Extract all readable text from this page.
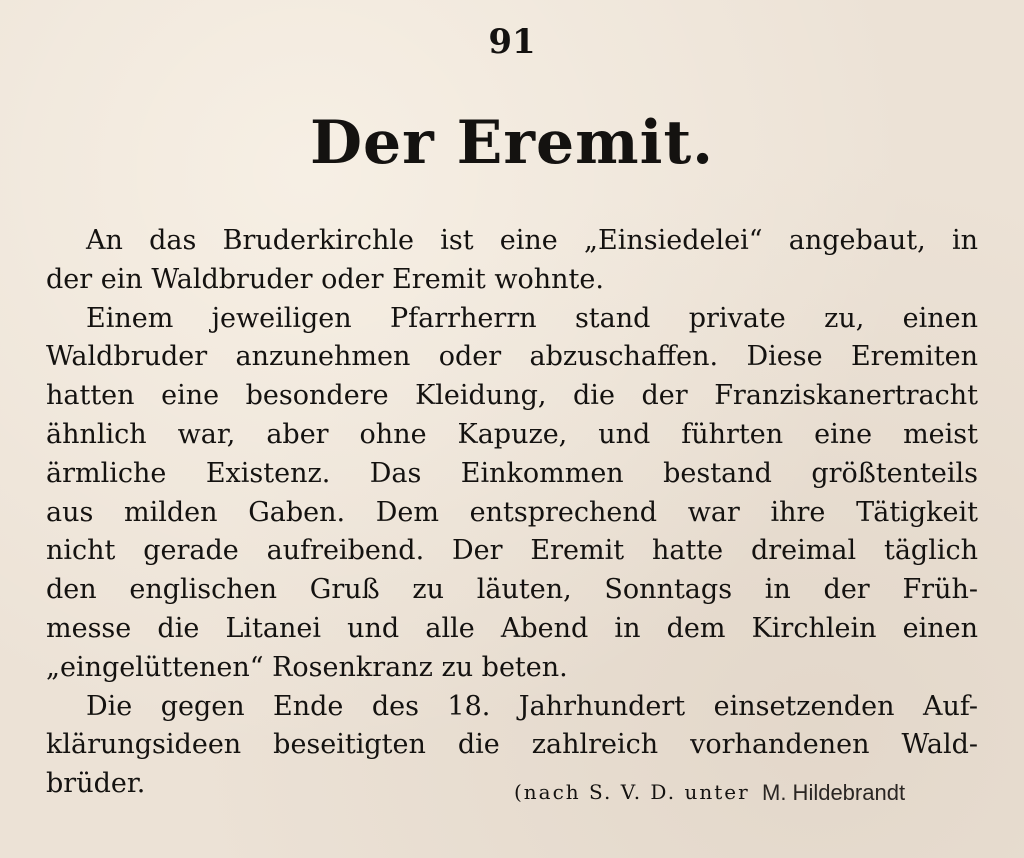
91
Der Eremit.

An das Bruderkirchle ist eine „Einsiedelei“ angebaut, in
der ein Waldbruder oder Eremit wohnte.

Einem jeweiligen Pfarrherrn stand private zu, einen
Waldbruder anzunehmen oder abzuschaffen. Diese Eremiten
hatten eine besondere Kleidung, die der Franziskanertracht
ähnlich war, aber ohne Kapuze, und führten eine meist
ärmliche Existenz. Das Einkommen bestand größtenteils
aus milden Gaben. Dem entsprechend war ihre Tätigkeit
nicht gerade aufreibend. Der Eremit hatte dreimal täglich
den englischen Gruß zu läuten, Sonntags in der Früh-
messe die Litanei und alle Abend in dem Kirchlein einen
„eingelüttenen“ Rosenkranz zu beten.

Die gegen Ende des 18. Jahrhundert einsetzenden Auf-
klärungsideen beseitigten die zahlreich vorhandenen Wald-
brüder.	(nach S. V. D. unter M. Hildebrandt
